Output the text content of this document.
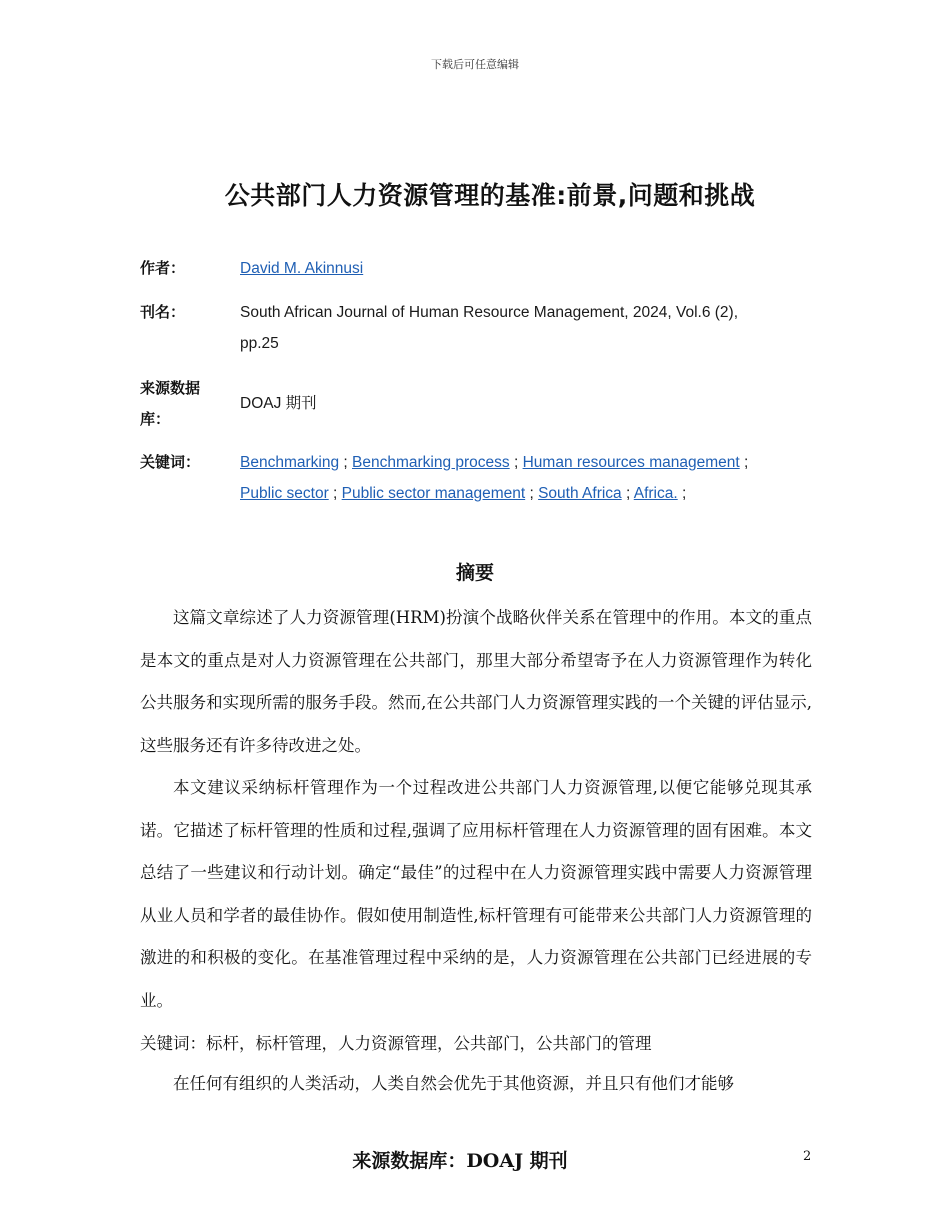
下载后可任意编辑
公共部门人力资源管理的基准:前景,问题和挑战
作者：	David M. Akinnusi
刊名：	South African Journal of Human Resource Management, 2024, Vol.6 (2),
pp.25
来源数据
库：
DOAJ 期刊
关键词：	Benchmarking ; Benchmarking process ; Human resources management ;
Public sector ; Public sector management ; South Africa ; Africa. ;
摘要

这篇文章综述了人力资源管理(HRM)扮演个战略伙伴关系在管理中的作用。本文的重点是本文的重点是对人力资源管理在公共部门，那里大部分希望寄予在人力资源管理作为转化公共服务和实现所需的服务手段。然而,在公共部门人力资源管理实践的一个关键的评估显示,这些服务还有许多待改进之处。

本文建议采纳标杆管理作为一个过程改进公共部门人力资源管理,以便它能够兑现其承诺。它描述了标杆管理的性质和过程,强调了应用标杆管理在人力资源管理的固有困难。本文总结了一些建议和行动计划。确定“最佳”的过程中在人力资源管理实践中需要人力资源管理从业人员和学者的最佳协作。假如使用制造性,标杆管理有可能带来公共部门人力资源管理的激进的和积极的变化。在基准管理过程中采纳的是，人力资源管理在公共部门已经进展的专业。

关键词：标杆，标杆管理，人力资源管理，公共部门，公共部门的管理

在任何有组织的人类活动，人类自然会优先于其他资源，并且只有他们才能够

来源数据库：DOAJ 期刊	2
